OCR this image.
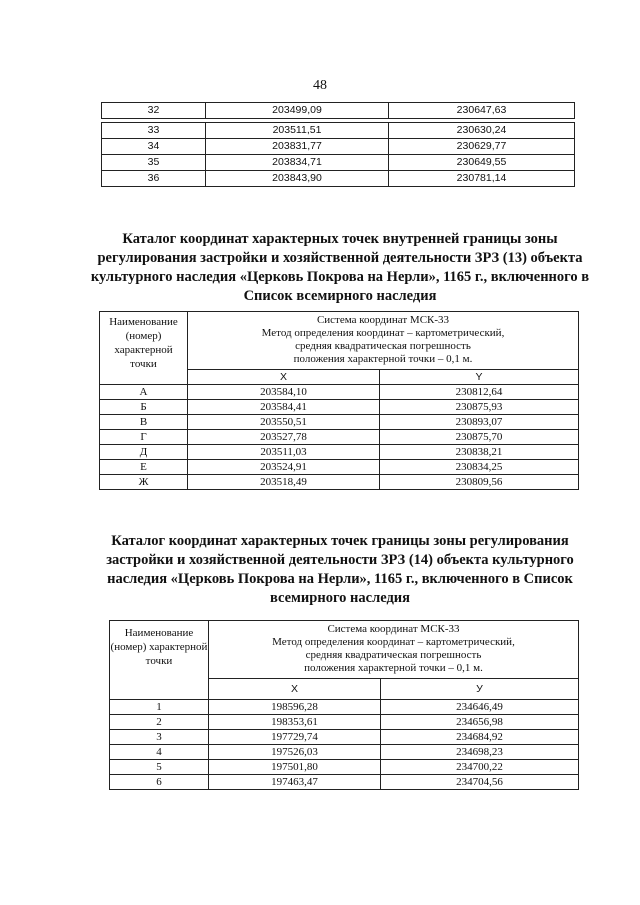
48
32	203499,09	230647,63
33	203511,51	230630,24
34	203831,77	230629,77
35	203834,71	230649,55
36	203843,90	230781,14
Каталог координат характерных точек внутренней границы зоны регулирования застройки и хозяйственной деятельности ЗРЗ (13) объекта культурного наследия «Церковь Покрова на Нерли», 1165 г., включенного в Список всемирного наследия
Наименование (номер) характерной точки	Система координат МСК-33
Метод определения координат – картометрический,
средняя квадратическая погрешность
положения характерной точки – 0,1 м.	

	X	Y
А	203584,10	230812,64
Б	203584,41	230875,93
В	203550,51	230893,07
Г	203527,78	230875,70
Д	203511,03	230838,21
Е	203524,91	230834,25
Ж	203518,49	230809,56
Каталог координат характерных точек границы зоны регулирования застройки и хозяйственной деятельности ЗРЗ (14) объекта культурного наследия «Церковь Покрова на Нерли», 1165 г., включенного в Список всемирного наследия
Наименование (номер) характерной точки	Система координат МСК-33
Метод определения координат – картометрический,
средняя квадратическая погрешность
положения характерной точки – 0,1 м.	

	X	У
1	198596,28	234646,49
2	198353,61	234656,98
3	197729,74	234684,92
4	197526,03	234698,23
5	197501,80	234700,22
6	197463,47	234704,56
